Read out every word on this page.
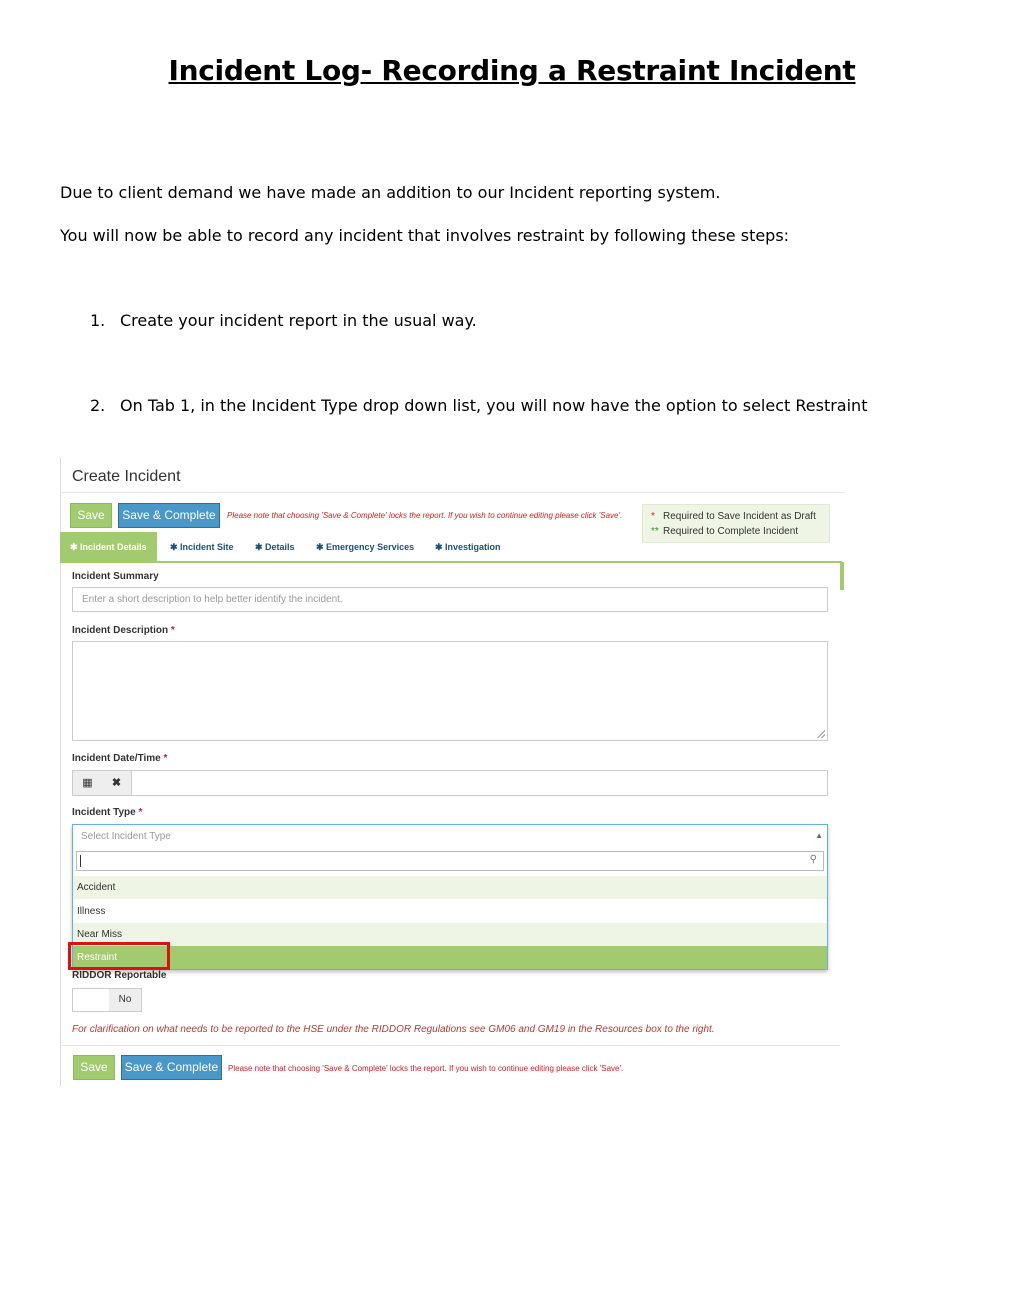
Incident Log- Recording a Restraint Incident
Due to client demand we have made an addition to our Incident reporting system.
You will now be able to record any incident that involves restraint by following these steps:
1. Create your incident report in the usual way.
2. On Tab 1, in the Incident Type drop down list, you will now have the option to select Restraint
Create Incident
Save	Save & Complete	Please note that choosing 'Save & Complete' locks the report. If you wish to continue editing please click 'Save'.	* Required to Save Incident as Draft
** Required to Complete Incident
✱ Incident Details	✱ Incident Site ✱ Details ✱ Emergency Services ✱ Investigation
Incident Summary
Enter a short description to help better identify the incident.
Incident Description *
Incident Date/Time *
▦	✖
Incident Type *
RIDDOR Reportable
No
Select Incident Type	▲
⚲
Accident
Illness
Near Miss
Restraint
For clarification on what needs to be reported to the HSE under the RIDDOR Regulations see GM06 and GM19 in the Resources box to the right.
Save	Save & Complete	Please note that choosing 'Save & Complete' locks the report. If you wish to continue editing please click 'Save'.
